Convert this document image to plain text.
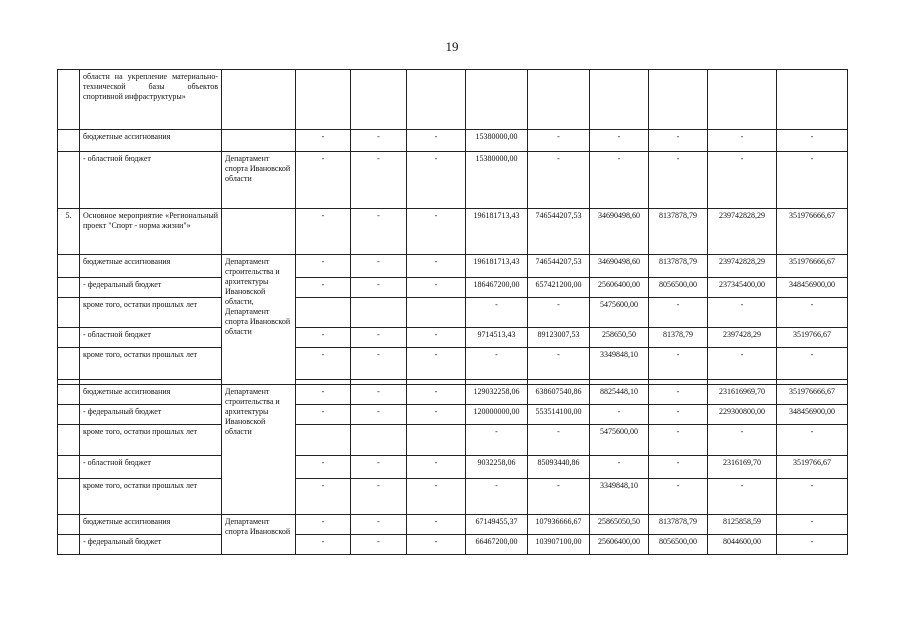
19
	областн на укрепление материально-технической базы объектов спортивной инфраструктуры»										
	бюджетные ассигнования		-	-	-	15380000,00	-	-	-	-	-
	- областной бюджет	Департамент спорта Ивановской области	-	-	-	15380000,00	-	-	-	-	-
5.	Основное мероприятие «Региональный проект "Спорт - норма жизни"»		-	-	-	196181713,43	746544207,53	34690498,60	8137878,79	239742828,29	351976666,67
	бюджетные ассигнования	Департамент строительства и архитектуры Ивановской области, Департамент спорта Ивановской области	-	-	-	196181713,43	746544207,53	34690498,60	8137878,79	239742828,29	351976666,67
	- федеральный бюджет		-	-	-	186467200,00	657421200,00	25606400,00	8056500,00	237345400,00	348456900,00
	кроме того, остатки прошлых лет					-	-	5475600,00	-	-	-
	- областной бюджет		-	-	-	9714513,43	89123007,53	258650,50	81378,79	2397428,29	3519766,67
	кроме того, остатки прошлых лет		-	-	-	-	-	3349848,10	-	-	-

	бюджетные ассигнования	Департамент строительства и архитектуры Ивановской области	-	-	-	129032258,06	638607540,86	8825448,10	-	231616969,70	351976666,67
	- федеральный бюджет		-	-	-	120000000,00	553514100,00	-	-	229300800,00	348456900,00
	кроме того, остатки прошлых лет					-	-	5475600,00	-	-	-
	- областной бюджет		-	-	-	9032258,06	85093440,86	-	-	2316169,70	3519766,67
	кроме того, остатки прошлых лет		-	-	-	-	-	3349848,10	-	-	-
	бюджетные ассигнования	Департамент спорта Ивановской	-	-	-	67149455,37	107936666,67	25865050,50	8137878,79	8125858,59	-
	- федеральный бюджет		-	-	-	66467200,00	103907100,00	25606400,00	8056500,00	8044600,00	-
